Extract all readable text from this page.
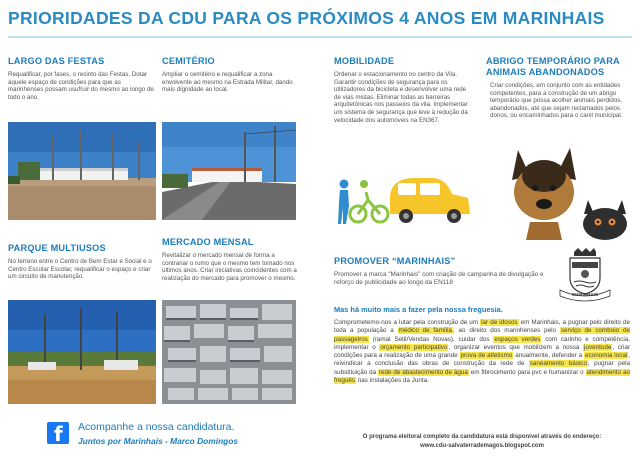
PRIORIDADES DA CDU PARA OS PRÓXIMOS 4 ANOS EM MARINHAIS
LARGO DAS FESTAS

Requalificar, por fases, o recinto das Festas. Dotar aquele espaço de condições para que as marinhenses possam usufruir do mesmo ao longo de todo o ano.

CEMITÉRIO

Ampliar o cemitério e requalificar a zona envolvente ao mesmo na Estrada Militar, dando mais dignidade ao local.

MOBILIDADE

Ordenar o estacionamento no centro da Vila. Garantir condições de segurança para os utilizadores da bicicleta e desenvolver uma rede de vias mistas. Eliminar todas as barreiras arquitetónicas nos passeios da vila. Implementar um sistema de segurança que leve à redução da velocidade dos automóveis na EN367.

ABRIGO TEMPORÁRIO PARA ANIMAIS ABANDONADOS

Criar condições, em conjunto com as entidades competentes, para a construção de um abrigo temporário que possa acolher animais perdidos, abandonados, até que sejam reclamados pelos donos, ou encaminhados para o canil municipal.

PARQUE MULTIUSOS

No terreno entre o Centro de Bem Estar e Social e o Centro Escolar Escolar, requalificar o espaço e criar um circuito de manutenção.

MERCADO MENSAL

Revitalizar o mercado mensal de forma a contrariar o rumo que o mesmo tem tomado nos últimos anos. Criar iniciativas coincidentes com a realização do mercado para promover o mesmo.

PROMOVER “MARINHAIS”

Promover a marca “Marinhais” com criação de campanha de divulgação e reforço de publicidade ao longo da EN118

MARINHAIS
Mas há muito mais a fazer pela nossa freguesia.
Comprometemo-nos a lutar pela construção de um lar de idosos em Marinhais, a pugnar pelo direito de toda a população a médico de família, ao direito dos marinhenses pelo serviço de comboio de passageiros (ramal Setil/Vendas Novas), cuidar dos espaços verdes com carinho e competência, implementar o orçamento participativo, organizar eventos que mobilizem a nossa juventude, criar condições para a realização de uma grande prova de atletismo anualmente, defender a economia local, reivindicar a conclusão das obras de construção da rede de saneamento básico, pugnar pela substituição da rede de abastecimento de água em fibrocimento para pvc e humanizar o atendimento ao freguês nas instalações da Junta.
f Acompanhe a nossa candidatura.
Juntos por Marinhais - Marco Domingos	O programa eleitoral completo da candidatura está disponível através do endereço:
www.cdu-salvaterrademagos.blogspot.com
